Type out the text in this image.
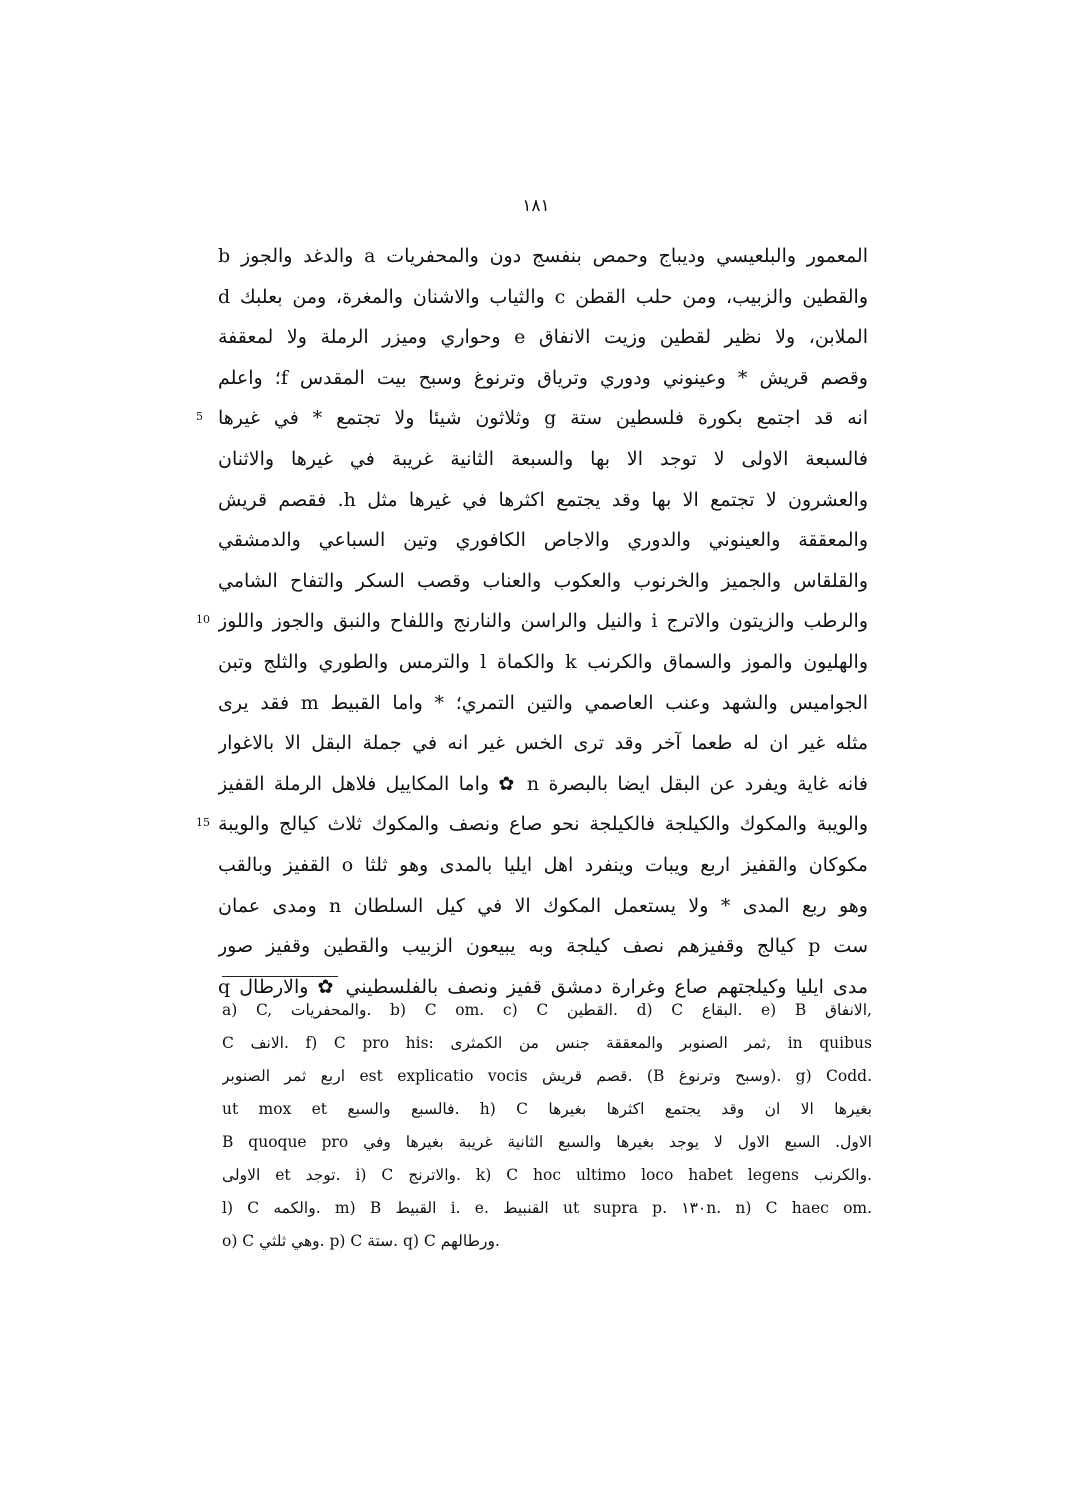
١٨١
المعمور والبلعيسي وديباج وحمص بنفسج دون والمحفريات a والدغد والجوز b
والقطين والزبيب، ومن حلب القطن c والثياب والاشنان والمغرة، ومن بعلبك d
الملابن، ولا نظير لقطين وزيت الانفاق e وحواري وميزر الرملة ولا لمعقفة
وقصم قريش * وعينوني ودوري وترياق وترنوغ وسبح بيت المقدس f؛ واعلم
انه قد اجتمع بكورة فلسطين ستة g وثلاثون شيئا ولا تجتمع * في غيرها
فالسبعة الاولى لا توجد الا بها والسبعة الثانية غريبة في غيرها والاثنان
والعشرون لا تجتمع الا بها وقد يجتمع اكثرها في غيرها مثل h. فقصم قريش
والمعققة والعينوني والدوري والاجاص الكافوري وتين السباعي والدمشقي
والقلقاس والجميز والخرنوب والعكوب والعناب وقصب السكر والتفاح الشامي
والرطب والزيتون والاترج i والنيل والراسن والنارنج واللفاح والنبق والجوز واللوز
والهليون والموز والسماق والكرنب k والكماة l والترمس والطوري والثلج وتبن
الجواميس والشهد وعنب العاصمي والتين التمري؛ * واما القبيط m فقد يرى
مثله غير ان له طعما آخر وقد ترى الخس غير انه في جملة البقل الا بالاغوار
فانه غاية ويفرد عن البقل ايضا بالبصرة n ✿ واما المكاييل فلاهل الرملة القفيز
والويبة والمكوك والكيلجة فالكيلجة نحو صاع ونصف والمكوك ثلاث كيالج والويبة
مكوكان والقفيز اربع ويبات وينفرد اهل ايليا بالمدى وهو ثلثا o القفيز وبالقب
وهو ربع المدى * ولا يستعمل المكوك الا في كيل السلطان n ومدى عمان
ست p كيالج وقفيزهم نصف كيلجة وبه يبيعون الزبيب والقطين وقفيز صور
مدى ايليا وكيلجتهم صاع وغرارة دمشق قفيز ونصف بالفلسطيني ✿ والارطال q
5
10
15
a) C, والمحفريات. b) C om. c) C القطين. d) C البقاع. e) B الانفاق,
C الانف. f) C pro his: ثمر الصنوبر والمعققة جنس من الكمثرى, in quibus
اربع ثمر الصنوبر est explicatio vocis قصم قريش. (B وسبح وترنوغ). g) Codd.
ut mox et فالسبع والسبع. h) C بغيرها الا ان وقد يجتمع اكثرها بغيرها
B quoque pro الاول. السبع الاول لا يوجد بغيرها والسبع الثانية غريبة بغيرها وفي
الاولى et توجد. i) C والاترنج. k) C hoc ultimo loco habet legens والكرنب.
l) C والكمه. m) B القبيط i. e. القنبيط ut supra p. ١٣٠n. n) C haec om.
o) C وهي ثلثي. p) C ستة. q) C ورطالهم.
